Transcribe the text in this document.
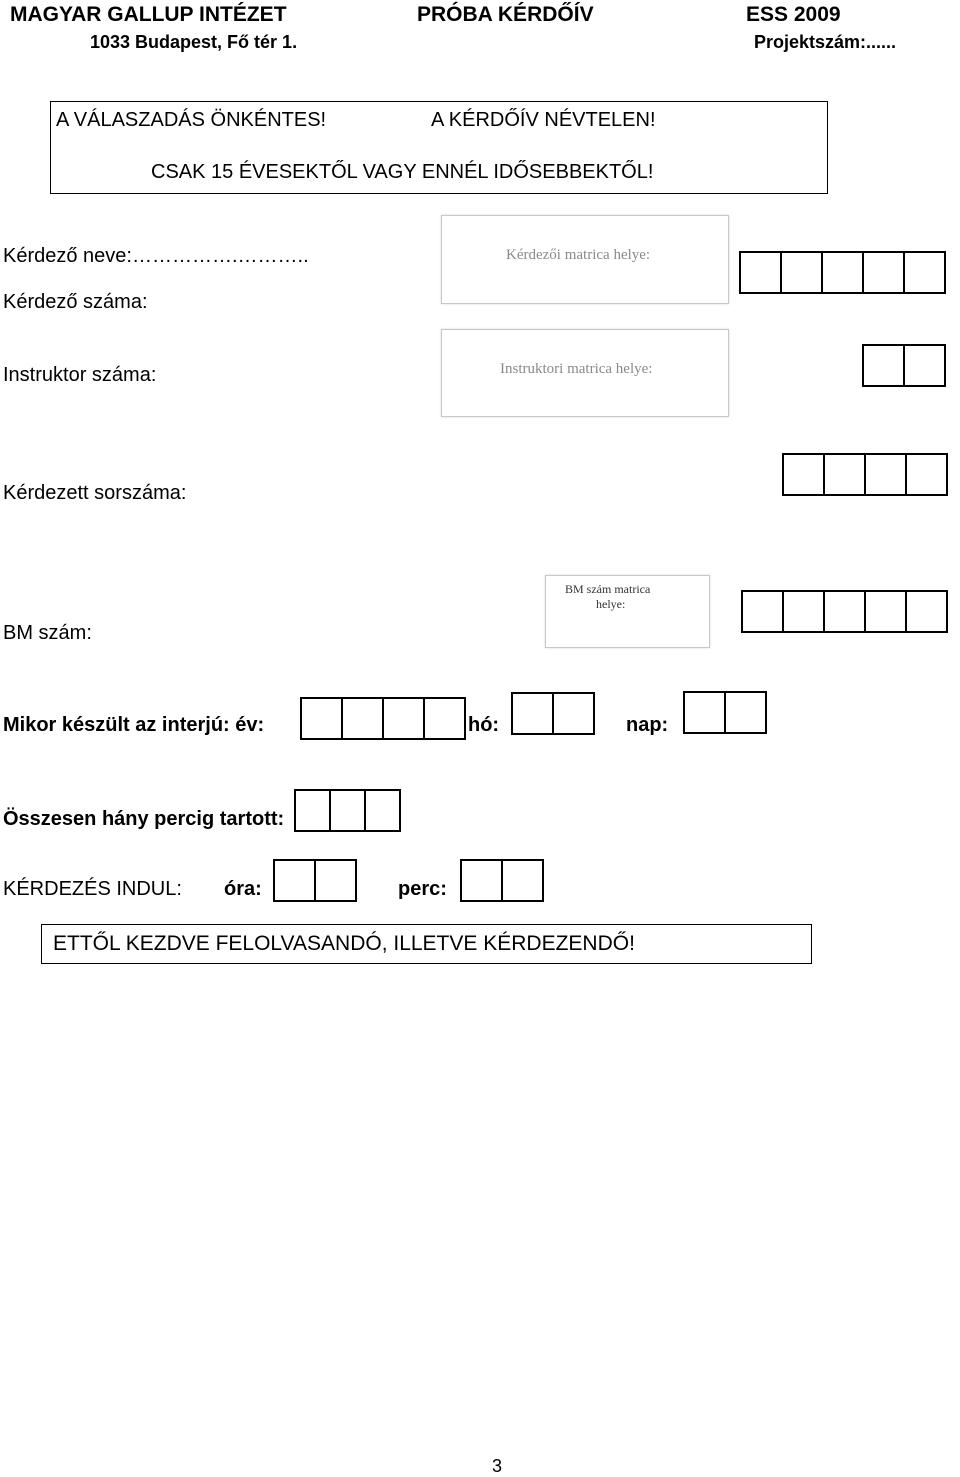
MAGYAR GALLUP INTÉZET	PRÓBA KÉRDŐÍV	ESS 2009
1033 Budapest, Fő tér 1.	Projektszám:......
A VÁLASZADÁS ÖNKÉNTES!	A KÉRDŐÍV NÉVTELEN!
CSAK 15 ÉVESEKTŐL VAGY ENNÉL IDŐSEBBEKTŐL!
Kérdező neve:…………….………..
Kérdező száma:
Kérdezői matrica helye:
Instruktor száma:	Instruktori matrica helye:
Kérdezett sorszáma:
BM szám:
BM szám matrica
helye:
Mikor készült az interjú: év:	hó:	nap:
Összesen hány percig tartott:
KÉRDEZÉS INDUL: óra:	perc:
ETTŐL KEZDVE FELOLVASANDÓ, ILLETVE KÉRDEZENDŐ!
3
